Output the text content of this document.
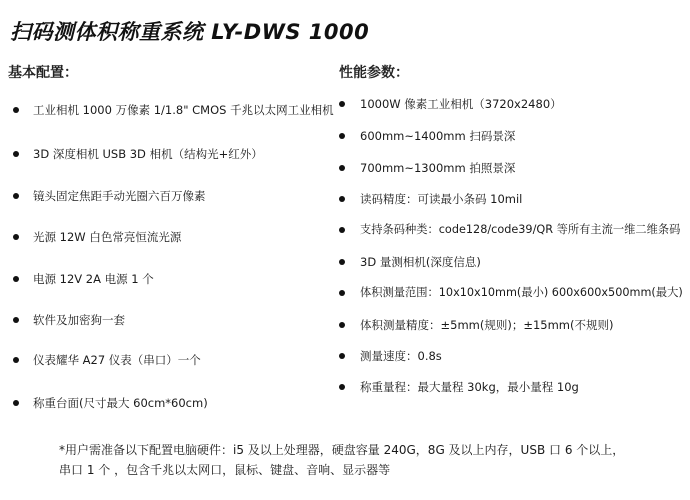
扫码测体积称重系统 LY-DWS 1000
基本配置：	性能参数：
工业相机 1000 万像素 1/1.8" CMOS 千兆以太网工业相机
3D 深度相机 USB 3D 相机（结构光+红外）
镜头固定焦距手动光圈六百万像素
光源 12W 白色常亮恒流光源
电源 12V 2A 电源 1 个
软件及加密狗一套
仪表耀华 A27 仪表（串口）一个
称重台面(尺寸最大 60cm*60cm)
1000W 像素工业相机（3720x2480）
600mm~1400mm 扫码景深
700mm~1300mm 拍照景深
读码精度：可读最小条码 10mil
支持条码种类：code128/code39/QR 等所有主流一维二维条码
3D 量测相机(深度信息)
体积测量范围：10x10x10mm(最小) 600x600x500mm(最大)
体积测量精度：±5mm(规则)；±15mm(不规则)
测量速度：0.8s
称重量程：最大量程 30kg，最小量程 10g
*用户需准备以下配置电脑硬件：i5 及以上处理器，硬盘容量 240G，8G 及以上内存，USB 口 6 个以上，
串口 1 个 ，包含千兆以太网口，鼠标、键盘、音响、显示器等
